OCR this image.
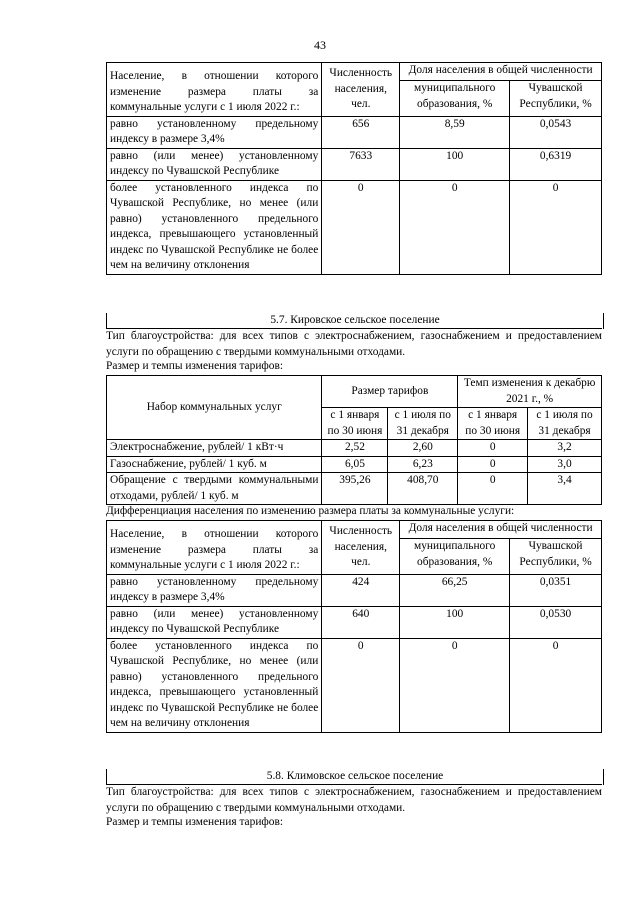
43
Население, в отношении которого изменение размера платы за коммунальные услуги с 1 июля 2022 г.:	Численность населения, чел.	Доля населения в общей численности	
		муниципального образования, %	Чувашской Республики, %
равно установленному предельному индексу в размере 3,4%	656	8,59	0,0543
равно (или менее) установленному индексу по Чувашской Республике	7633	100	0,6319
более установленного индекса по Чувашской Республике, но менее (или равно) установленного предельного индекса, превышающего установленный индекс по Чувашской Республике не более чем на величину отклонения	0	0	0
5.7. Кировское сельское поселение
Тип благоустройства: для всех типов с электроснабжением, газоснабжением и предоставлением услуги по обращению с твердыми коммунальными отходами.
Размер и темпы изменения тарифов:
Набор коммунальных услуг	Размер тарифов		Темп изменения к декабрю 2021 г., %	
	с 1 января по 30 июня	с 1 июля по 31 декабря	с 1 января по 30 июня	с 1 июля по 31 декабря
Электроснабжение, рублей/ 1 кВт·ч	2,52	2,60	0	3,2
Газоснабжение, рублей/ 1 куб. м	6,05	6,23	0	3,0
Обращение с твердыми коммунальными отходами, рублей/ 1 куб. м	395,26	408,70	0	3,4
Дифференциация населения по изменению размера платы за коммунальные услуги:
Население, в отношении которого изменение размера платы за коммунальные услуги с 1 июля 2022 г.:	Численность населения, чел.	Доля населения в общей численности	
		муниципального образования, %	Чувашской Республики, %
равно установленному предельному индексу в размере 3,4%	424	66,25	0,0351
равно (или менее) установленному индексу по Чувашской Республике	640	100	0,0530
более установленного индекса по Чувашской Республике, но менее (или равно) установленного предельного индекса, превышающего установленный индекс по Чувашской Республике не более чем на величину отклонения	0	0	0
5.8. Климовское сельское поселение
Тип благоустройства: для всех типов с электроснабжением, газоснабжением и предоставлением услуги по обращению с твердыми коммунальными отходами.
Размер и темпы изменения тарифов:
